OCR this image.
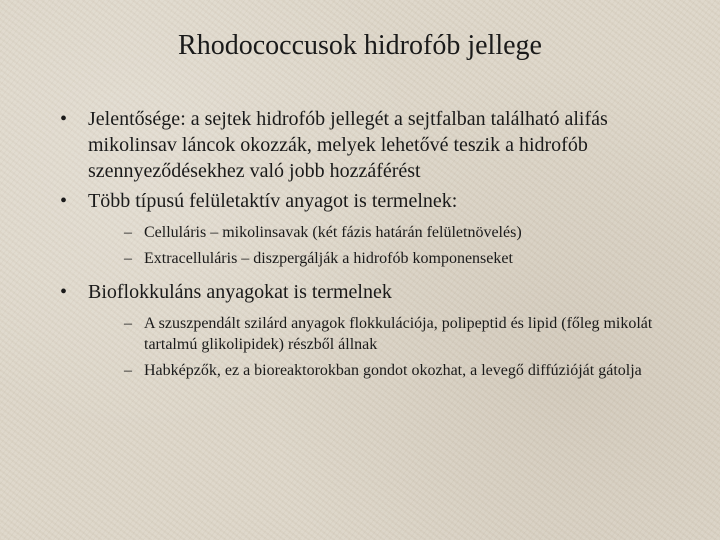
Rhodococcusok hidrofób jellege
• Jelentősége: a sejtek hidrofób jellegét a sejtfalban található alifás mikolinsav láncok okozzák, melyek lehetővé teszik a hidrofób szennyeződésekhez való jobb hozzáférést
• Több típusú felületaktív anyagot is termelnek:
– Celluláris – mikolinsavak (két fázis határán felületnövelés)
– Extracelluláris – diszpergálják a hidrofób komponenseket
• Bioflokkuláns anyagokat is termelnek
– A szuszpendált szilárd anyagok flokkulációja, polipeptid és lipid (főleg mikolát tartalmú glikolipidek) részből állnak
– Habképzők, ez a bioreaktorokban gondot okozhat, a levegő diffúzióját gátolja
